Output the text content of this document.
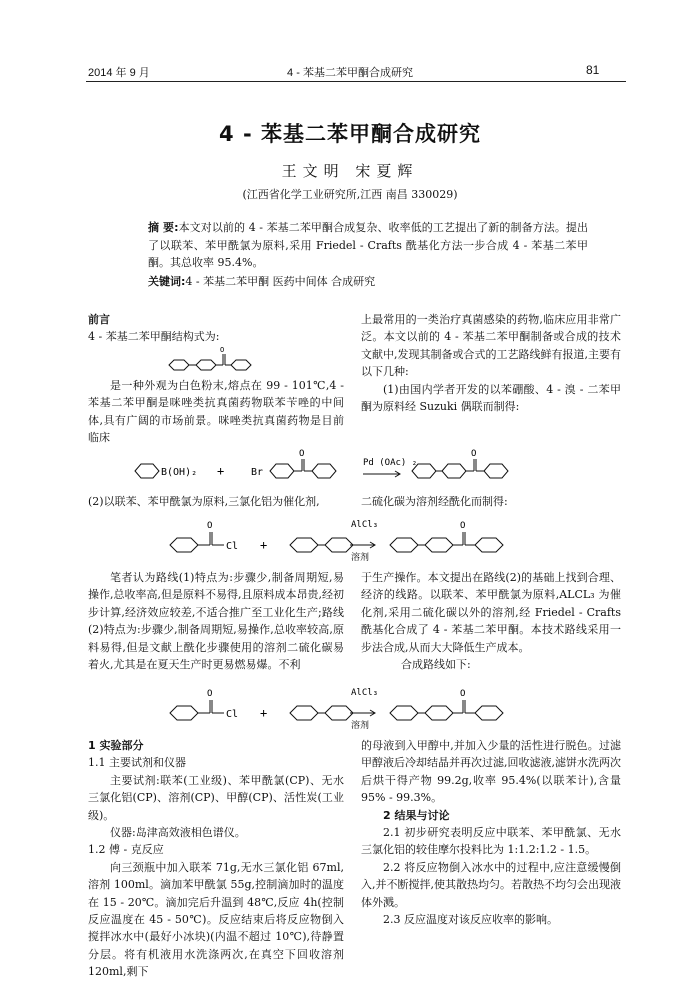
2014 年 9 月	4 - 苯基二苯甲酮合成研究	81
4 - 苯基二苯甲酮合成研究
王文明 宋夏辉
(江西省化学工业研究所,江西 南昌 330029)
摘 要:本文对以前的 4 - 苯基二苯甲酮合成复杂、收率低的工艺提出了新的制备方法。提出了以联苯、苯甲酰氯为原料,采用 Friedel - Crafts 酰基化方法一步合成 4 - 苯基二苯甲酮。其总收率 95.4%。
关键词:4 - 苯基二苯甲酮 医药中间体 合成研究

前言

4 - 苯基二苯甲酮结构式为:

O

是一种外观为白色粉末,熔点在 99 - 101℃,4 - 苯基二苯甲酮是咪唑类抗真菌药物联苯苄唑的中间体,具有广阔的市场前景。咪唑类抗真菌药物是目前临床

上最常用的一类治疗真菌感染的药物,临床应用非常广泛。本文以前的 4 - 苯基二苯甲酮制备或合成的技术文献中,发现其制备或合式的工艺路线鲜有报道,主要有以下几种:

(1)由国内学者开发的以苯硼酸、4 - 溴 - 二苯甲酮为原料经 Suzuki 偶联而制得:

B(OH)₂ +	Br
O
Pd (OAc) ₂
O
(2)以联苯、苯甲酰氯为原料,三氯化铝为催化剂,	二硫化碳为溶剂经酰化而制得:
O
Cl +
AlCl₃
溶剂
O

笔者认为路线(1)特点为:步骤少,制备周期短,易操作,总收率高,但是原料不易得,且原料成本昂贵,经初步计算,经济效应较差,不适合推广至工业化生产;路线(2)特点为:步骤少,制备周期短,易操作,总收率较高,原料易得,但是文献上酰化步骤使用的溶剂二硫化碳易着火,尤其是在夏天生产时更易燃易爆。不利

于生产操作。本文提出在路线(2)的基础上找到合理、经济的线路。以联苯、苯甲酰氯为原料,ALCL₃ 为催化剂,采用二硫化碳以外的溶剂,经 Friedel - Crafts 酰基化合成了 4 - 苯基二苯甲酮。本技术路线采用一步法合成,从而大大降低生产成本。

合成路线如下:

O
Cl +
AlCl₃
溶剂
O

1 实验部分

1.1 主要试剂和仪器

主要试剂:联苯(工业级)、苯甲酰氯(CP)、无水三氯化铝(CP)、溶剂(CP)、甲醇(CP)、活性炭(工业级)。

仪器:岛津高效液相色谱仪。

1.2 傅 - 克反应

向三颈瓶中加入联苯 71g,无水三氯化铝 67ml,溶剂 100ml。滴加苯甲酰氯 55g,控制滴加时的温度在 15 - 20℃。滴加完后升温到 48℃,反应 4h(控制反应温度在 45 - 50℃)。反应结束后将反应物倒入搅拌冰水中(最好小冰块)(内温不超过 10℃),待静置分层。将有机液用水洗涤两次,在真空下回收溶剂 120ml,剩下

的母液到入甲醇中,并加入少量的活性进行脱色。过滤甲醇液后冷却结晶并再次过滤,回收滤液,滤饼水洗两次后烘干得产物 99.2g,收率 95.4%(以联苯计),含量 95% - 99.3%。

2 结果与讨论

2.1 初步研究表明反应中联苯、苯甲酰氯、无水三氯化铝的较佳摩尔投料比为 1:1.2:1.2 - 1.5。

2.2 将反应物倒入冰水中的过程中,应注意缓慢倒入,并不断搅拌,使其散热均匀。若散热不均匀会出现液体外溅。

2.3 反应温度对该反应收率的影响。
